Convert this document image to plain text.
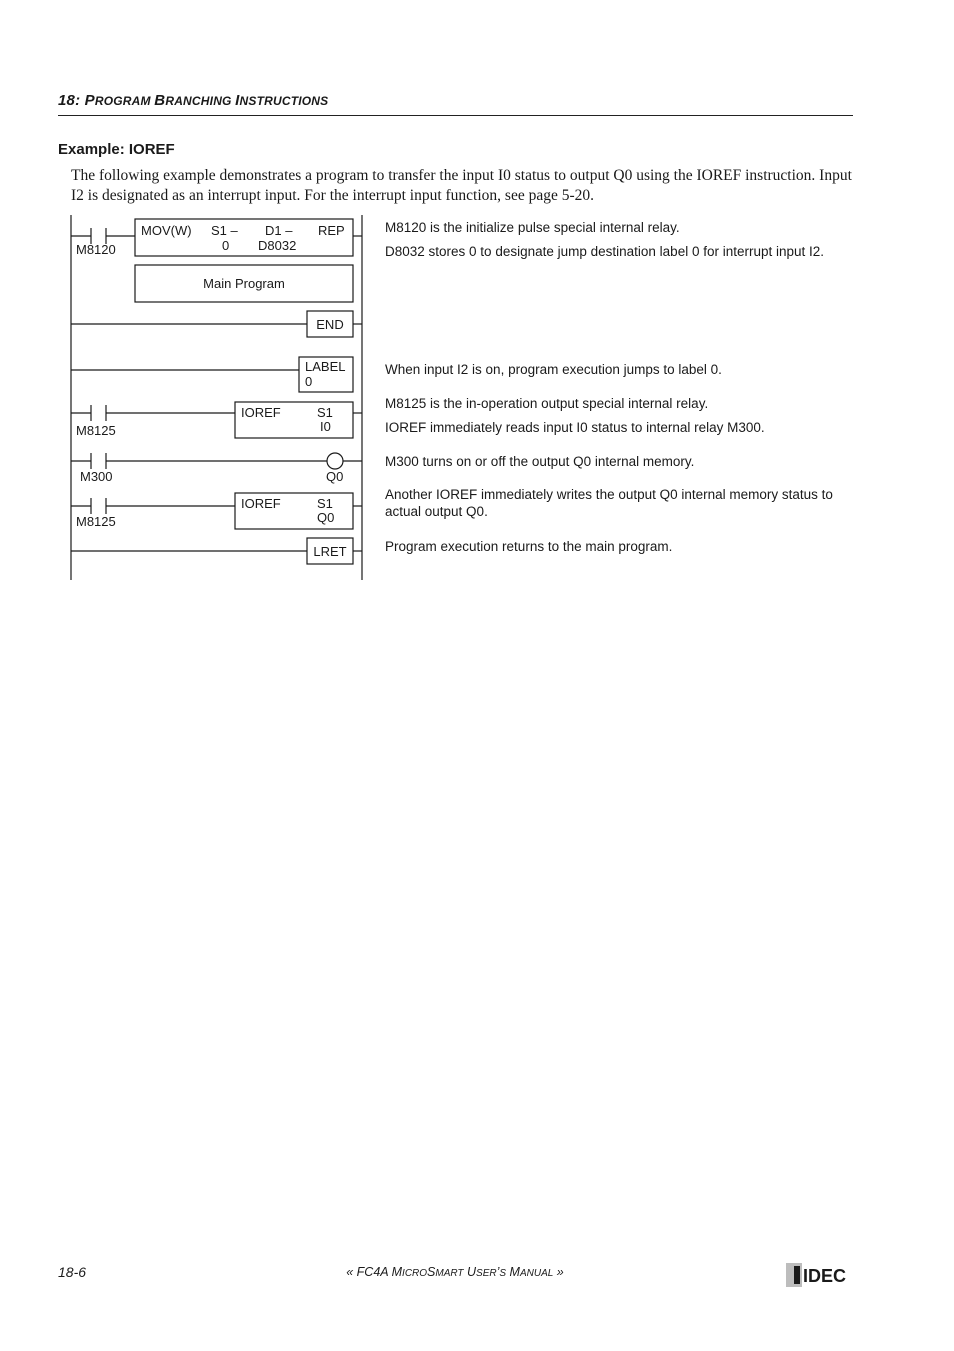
18: PROGRAM BRANCHING INSTRUCTIONS
Example: IOREF
The following example demonstrates a program to transfer the input I0 status to output Q0 using the IOREF instruction. Input I2 is designated as an interrupt input. For the interrupt input function, see page 5-20.
M8120
MOV(W) S1 –
0
D1 –
D8032
REP
Main Program
END
LABEL
0
M8125
IOREF	S1
I0
M300	Q0
M8125
IOREF	S1
Q0
LRET
M8120 is the initialize pulse special internal relay.
D8032 stores 0 to designate jump destination label 0 for interrupt input I2.
When input I2 is on, program execution jumps to label 0.
M8125 is the in-operation output special internal relay.
IOREF immediately reads input I0 status to internal relay M300.
M300 turns on or off the output Q0 internal memory.
Another IOREF immediately writes the output Q0 internal memory status to actual output Q0.
Program execution returns to the main program.
18-6	« FC4A MICROSMART USER’S MANUAL »	IDEC
